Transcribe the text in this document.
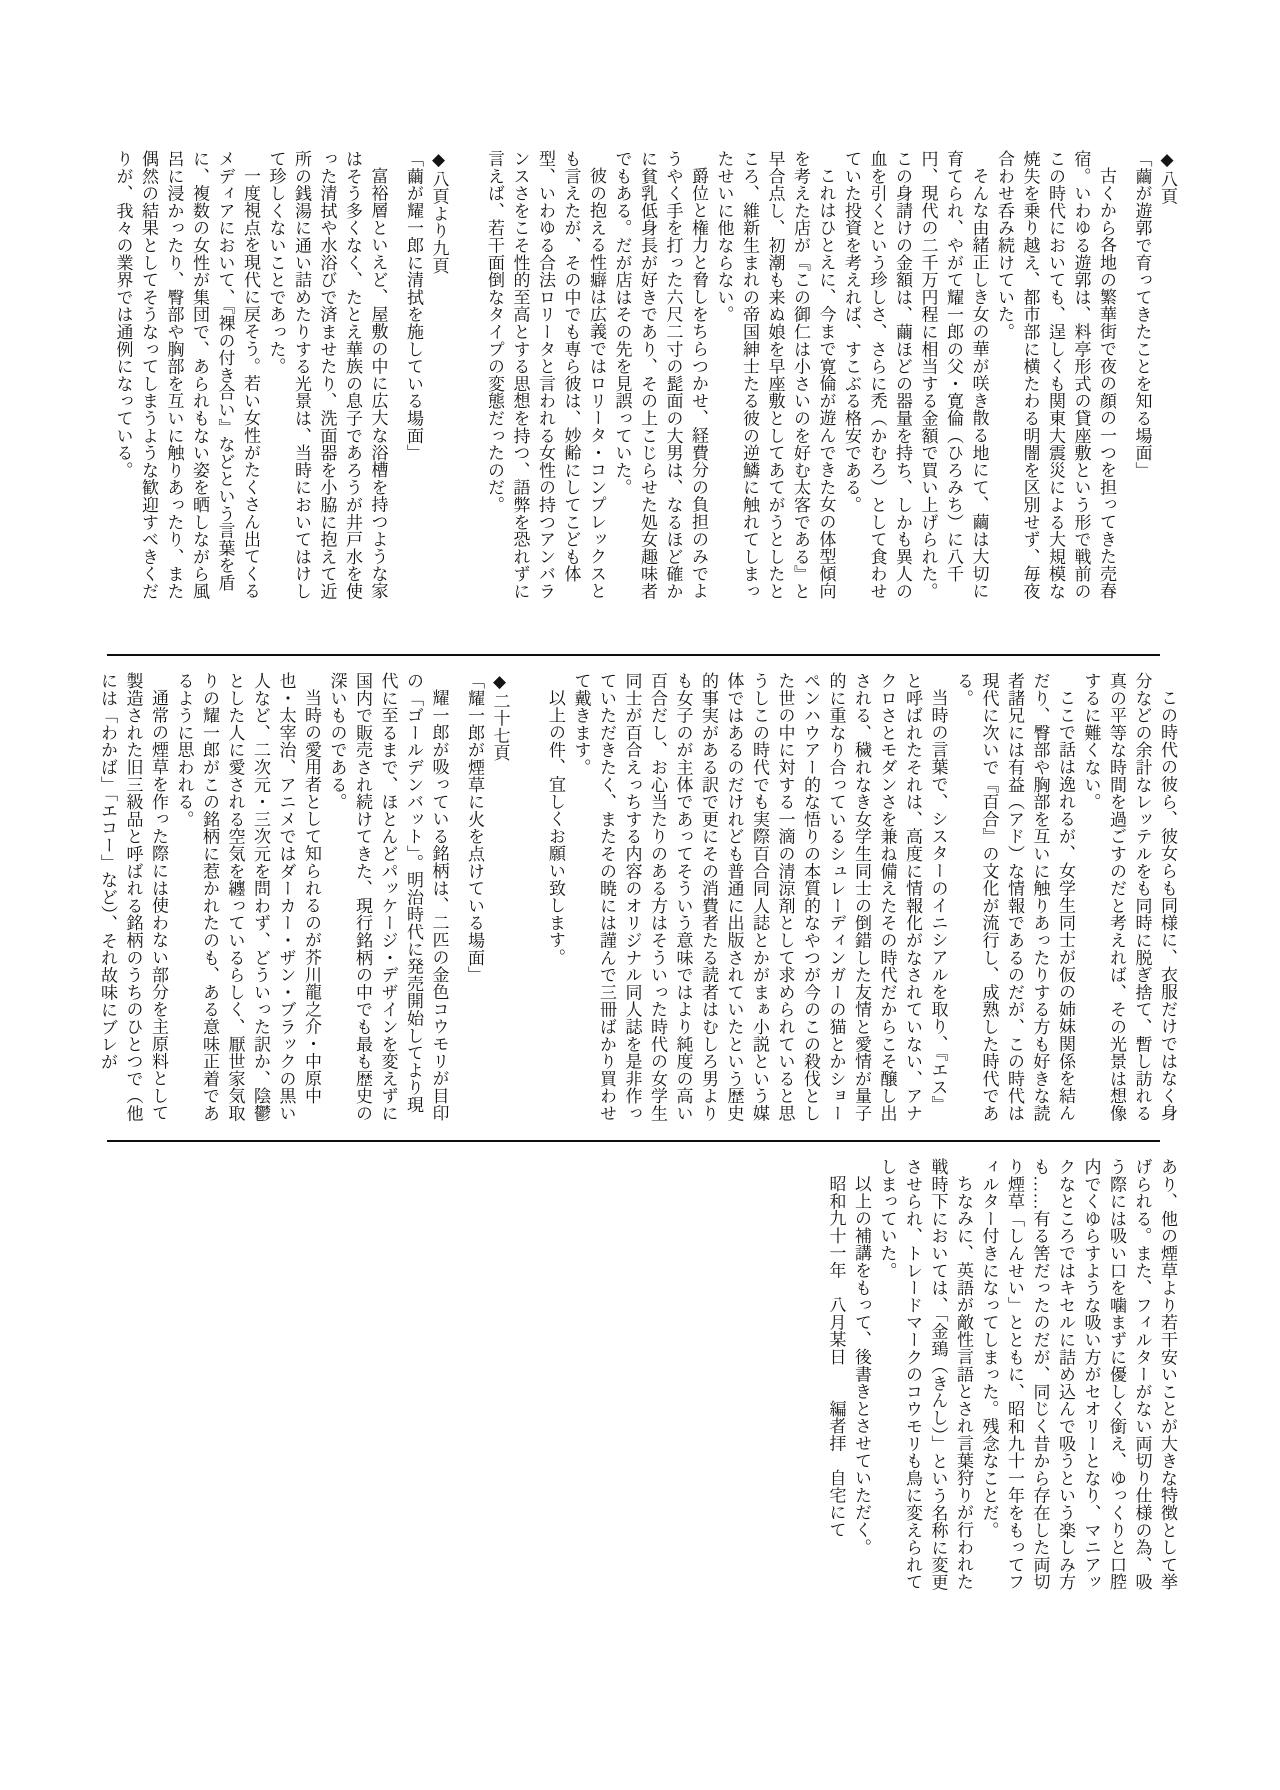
◆八頁
「繭が遊郭で育ってきたことを知る場面」

古くから各地の繁華街で夜の顔の一つを担ってきた売春宿。いわゆる遊郭は、料亭形式の貸座敷という形で戦前のこの時代においても、逞しくも関東大震災による大規模な焼失を乗り越え、都市部に横たわる明闇を区別せず、毎夜合わせ呑み続けていた。

そんな由緒正しき女の華が咲き散る地にて、繭は大切に育てられ、やがて耀一郎の父・寛倫（ひろみち）に八千円、現代の二千万円程に相当する金額で買い上げられた。この身請けの金額は、繭ほどの器量を持ち、しかも異人の血を引くという珍しさ、さらに禿（かむろ）として食わせていた投資を考えれば、すこぶる格安である。

これはひとえに、今まで寛倫が遊んできた女の体型傾向を考えた店が『この御仁は小さいのを好む太客である』と早合点し、初潮も来ぬ娘を早座敷としてあてがうとしたところ、維新生まれの帝国紳士たる彼の逆鱗に触れてしまったせいに他ならない。

爵位と権力と脅しをちらつかせ、経費分の負担のみでようやく手を打った六尺二寸の髭面の大男は、なるほど確かに貧乳低身長が好きであり、その上こじらせた処女趣味者でもある。だが店はその先を見誤っていた。

彼の抱える性癖は広義ではロリータ・コンプレックスとも言えたが、その中でも専ら彼は、妙齢にしてこども体型、いわゆる合法ロリータと言われる女性の持つアンバランスさをこそ性的至高とする思想を持つ、語弊を恐れずに言えば、若干面倒なタイプの変態だったのだ。

◆八頁より九頁
「繭が耀一郎に清拭を施している場面」

富裕層といえど、屋敷の中に広大な浴槽を持つような家はそう多くなく、たとえ華族の息子であろうが井戸水を使った清拭や水浴びで済ませたり、洗面器を小脇に抱えて近所の銭湯に通い詰めたりする光景は、当時においてはけして珍しくないことであった。

一度視点を現代に戻そう。若い女性がたくさん出てくるメディアにおいて、『裸の付き合い』などという言葉を盾に、複数の女性が集団で、あられもない姿を晒しながら風呂に浸かったり、臀部や胸部を互いに触りあったり、また偶然の結果としてそうなってしまうような歓迎すべきくだりが、我々の業界では通例になっている。

この時代の彼ら、彼女らも同様に、衣服だけではなく身分などの余計なレッテルをも同時に脱ぎ捨て、暫し訪れる真の平等な時間を過ごすのだと考えれば、その光景は想像するに難くない。

ここで話は逸れるが、女学生同士が仮の姉妹関係を結んだり、臀部や胸部を互いに触りあったりする方も好きな読者諸兄には有益（アド）な情報であるのだが、この時代は現代に次いで『百合』の文化が流行し、成熟した時代である。

当時の言葉で、シスターのイニシアルを取り、『エス』と呼ばれたそれは、高度に情報化がなされていない、アナクロさとモダンさを兼ね備えたその時代だからこそ醸し出される、穢れなき女学生同士の倒錯した友情と愛情が量子的に重なり合っているシュレーディンガーの猫とかショーペンハウアー的な悟りの本質的なやつが今のこの殺伐とした世の中に対する一滴の清涼剤として求められていると思うしこの時代でも実際百合同人誌とかがまぁ小説という媒体ではあるのだけれども普通に出版されていたという歴史的事実がある訳で更にその消費者たる読者はむしろ男よりも女子のが主体であってそういう意味ではより純度の高い百合だし、お心当たりのある方はそういった時代の女学生同士が百合えっちする内容のオリジナル同人誌を是非作っていただきたく、またその暁には謹んで三冊ばかり買わせて戴きます。

以上の件、宜しくお願い致します。

◆二十七頁
「耀一郎が煙草に火を点けている場面」

耀一郎が吸っている銘柄は、二匹の金色コウモリが目印の「ゴールデンバット」。明治時代に発売開始してより現代に至るまで、ほとんどパッケージ・デザインを変えずに国内で販売され続けてきた、現行銘柄の中でも最も歴史の深いものである。

当時の愛用者として知られるのが芥川龍之介・中原中也・太宰治、アニメではダーカー・ザン・ブラックの黒い人など、二次元・三次元を問わず、どういった訳か、陰鬱とした人に愛される空気を纏っているらしく、厭世家気取りの耀一郎がこの銘柄に惹かれたのも、ある意味正着であるように思われる。

通常の煙草を作った際には使わない部分を主原料として製造された旧三級品と呼ばれる銘柄のうちのひとつで（他には「わかば」「エコー」など）、それ故味にブレが

あり、他の煙草より若干安いことが大きな特徴として挙げられる。また、フィルターがない両切り仕様の為、吸う際には吸い口を噛まずに優しく銜え、ゆっくりと口腔内でくゆらすような吸い方がセオリーとなり、マニアックなところではキセルに詰め込んで吸うという楽しみ方も……有る筈だったのだが、同じく昔から存在した両切り煙草「しんせい」とともに、昭和九十一年をもってフィルター付きになってしまった。残念なことだ。

ちなみに、英語が敵性言語とされ言葉狩りが行われた戦時下においては、「金鵄（きんし）」という名称に変更させられ、トレードマークのコウモリも鳥に変えられてしまっていた。

以上の補講をもって、後書きとさせていただく。

昭和九十一年　八月某日　　編者拝　自宅にて
